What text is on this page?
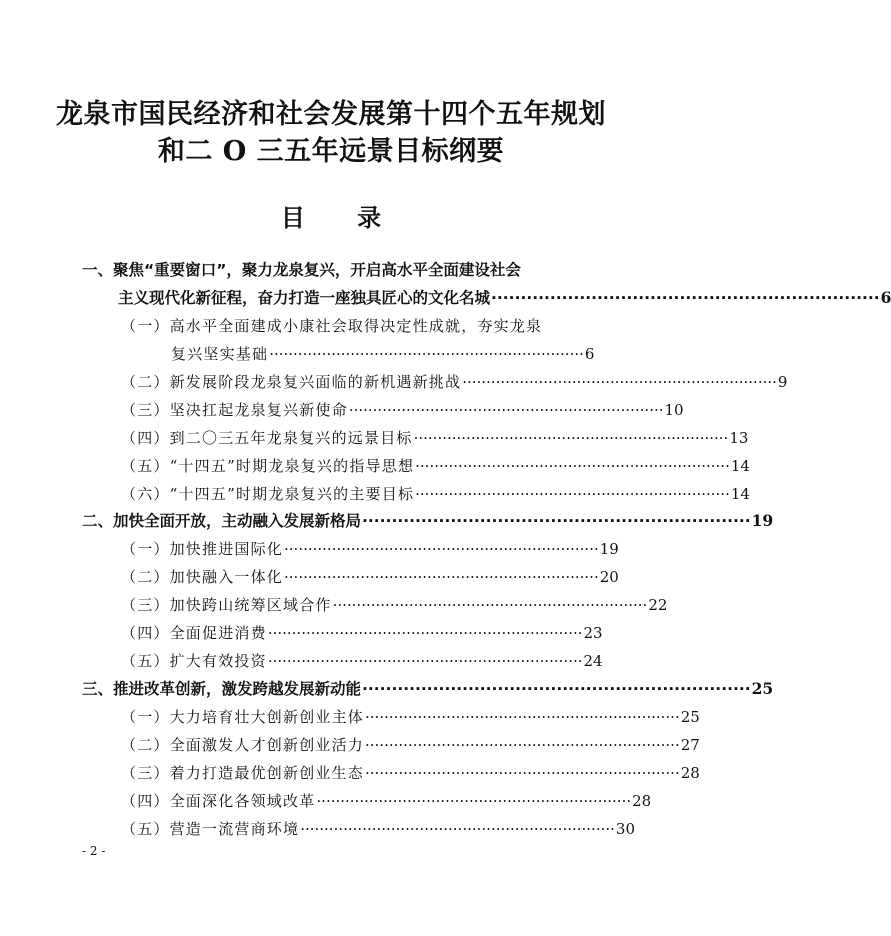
龙泉市国民经济和社会发展第十四个五年规划
和二 O 三五年远景目标纲要
目 录
一、聚焦“重要窗口”，聚力龙泉复兴，开启高水平全面建设社会
主义现代化新征程，奋力打造一座独具匠心的文化名城 ·································································· 6
（一）高水平全面建成小康社会取得决定性成就，夯实龙泉
复兴坚实基础 ·································································· 6
（二）新发展阶段龙泉复兴面临的新机遇新挑战 ·································································· 9
（三）坚决扛起龙泉复兴新使命 ·································································· 10
（四）到二〇三五年龙泉复兴的远景目标 ·································································· 13
（五）“十四五”时期龙泉复兴的指导思想 ·································································· 14
（六）“十四五”时期龙泉复兴的主要目标 ·································································· 14
二、加快全面开放，主动融入发展新格局 ·································································· 19
（一）加快推进国际化 ·································································· 19
（二）加快融入一体化 ·································································· 20
（三）加快跨山统筹区域合作 ·································································· 22
（四）全面促进消费 ·································································· 23
（五）扩大有效投资 ·································································· 24
三、推进改革创新，激发跨越发展新动能 ·································································· 25
（一）大力培育壮大创新创业主体 ·································································· 25
（二）全面激发人才创新创业活力 ·································································· 27
（三）着力打造最优创新创业生态 ·································································· 28
（四）全面深化各领域改革 ·································································· 28
（五）营造一流营商环境 ·································································· 30
- 2 -
